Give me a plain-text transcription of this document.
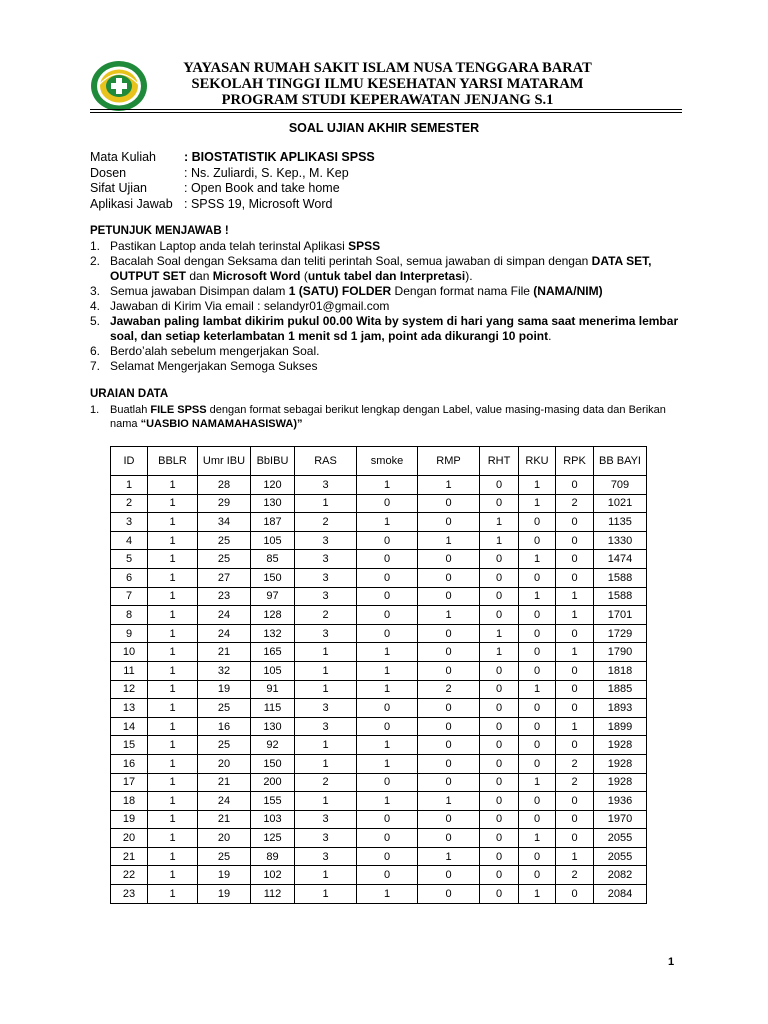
YAYASAN RUMAH SAKIT ISLAM NUSA TENGGARA BARAT
SEKOLAH TINGGI ILMU KESEHATAN YARSI MATARAM
PROGRAM STUDI KEPERAWATAN JENJANG S.1
SOAL UJIAN AKHIR SEMESTER
Mata Kuliah	: BIOSTATISTIK APLIKASI SPSS
Dosen	: Ns. Zuliardi, S. Kep., M. Kep
Sifat Ujian	: Open Book and take home
Aplikasi Jawab : SPSS 19, Microsoft Word
PETUNJUK MENJAWAB !
1. Pastikan Laptop anda telah terinstal Aplikasi SPSS
2. Bacalah Soal dengan Seksama dan teliti perintah Soal, semua jawaban di simpan dengan DATA SET, OUTPUT SET dan Microsoft Word (untuk tabel dan Interpretasi).
3. Semua jawaban Disimpan dalam 1 (SATU) FOLDER Dengan format nama File (NAMA/NIM)
4. Jawaban di Kirim Via email : selandyr01@gmail.com
5. Jawaban paling lambat dikirim pukul 00.00 Wita by system di hari yang sama saat menerima lembar soal, dan setiap keterlambatan 1 menit sd 1 jam, point ada dikurangi 10 point.
6. Berdo’alah sebelum mengerjakan Soal.
7. Selamat Mengerjakan Semoga Sukses
URAIAN DATA
1. Buatlah FILE SPSS dengan format sebagai berikut lengkap dengan Label, value masing-masing data dan Berikan nama “UASBIO NAMAMAHASISWA)”
ID	BBLR	Umr IBU	BbIBU	RAS	smoke	RMP	RHT	RKU	RPK	BB BAYI
1	1	28	120	3	1	1	0	1	0	709
2	1	29	130	1	0	0	0	1	2	1021
3	1	34	187	2	1	0	1	0	0	1135
4	1	25	105	3	0	1	1	0	0	1330
5	1	25	85	3	0	0	0	1	0	1474
6	1	27	150	3	0	0	0	0	0	1588
7	1	23	97	3	0	0	0	1	1	1588
8	1	24	128	2	0	1	0	0	1	1701
9	1	24	132	3	0	0	1	0	0	1729
10	1	21	165	1	1	0	1	0	1	1790
11	1	32	105	1	1	0	0	0	0	1818
12	1	19	91	1	1	2	0	1	0	1885
13	1	25	115	3	0	0	0	0	0	1893
14	1	16	130	3	0	0	0	0	1	1899
15	1	25	92	1	1	0	0	0	0	1928
16	1	20	150	1	1	0	0	0	2	1928
17	1	21	200	2	0	0	0	1	2	1928
18	1	24	155	1	1	1	0	0	0	1936
19	1	21	103	3	0	0	0	0	0	1970
20	1	20	125	3	0	0	0	1	0	2055
21	1	25	89	3	0	1	0	0	1	2055
22	1	19	102	1	0	0	0	0	2	2082
23	1	19	112	1	1	0	0	1	0	2084
1
